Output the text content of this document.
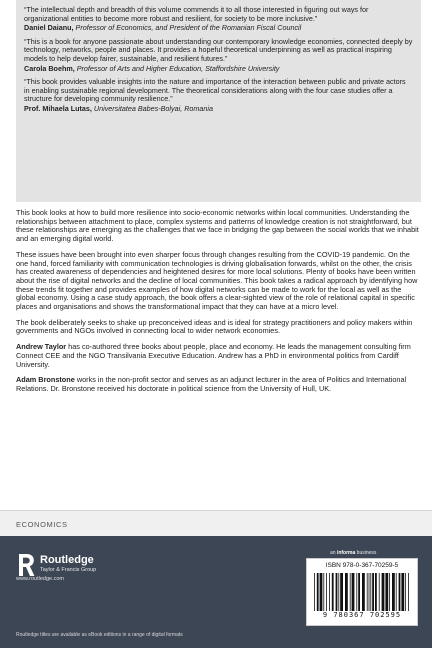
“The intellectual depth and breadth of this volume commends it to all those interested in figuring out ways for organizational entities to become more robust and resilient, for society to be more inclusive.”
Daniel Daianu, Professor of Economics, and President of the Romanian Fiscal Council
“This is a book for anyone passionate about understanding our contemporary knowledge economies, connected deeply by technology, networks, people and places. It provides a hopeful theoretical underpinning as well as practical inspiring models to help develop fairer, sustainable, and resilient futures.”
Carola Boehm, Professor of Arts and Higher Education, Staffordshire University
“This book provides valuable insights into the nature and importance of the interaction between public and private actors in enabling sustainable regional development. The theoretical considerations along with the four case studies offer a structure for developing community resilience.”
Prof. Mihaela Lutas, Universitatea Babes-Bolyai, Romania

This book looks at how to build more resilience into socio-economic networks within local communities. Understanding the relationships between attachment to place, complex systems and patterns of knowledge creation is not straightforward, but these relationships are emerging as the challenges that we face in bridging the gap between the social worlds that we inhabit and an emerging digital world.

These issues have been brought into even sharper focus through changes resulting from the COVID-19 pandemic. On the one hand, forced familiarity with communication technologies is driving globalisation forwards, whilst on the other, the crisis has created awareness of dependencies and heightened desires for more local solutions. Plenty of books have been written about the rise of digital networks and the decline of local communities. This book takes a radical approach by identifying how these trends fit together and provides examples of how digital networks can be made to work for the local as well as the global economy. Using a case study approach, the book offers a clear-sighted view of the role of relational capital in specific places and organisations and shows the transformational impact that they can have at a micro level.

The book deliberately seeks to shake up preconceived ideas and is ideal for strategy practitioners and policy makers within governments and NGOs involved in connecting local to wider network economies.

Andrew Taylor has co-authored three books about people, place and economy. He leads the management consulting firm Connect CEE and the NGO Transilvania Executive Education. Andrew has a PhD in environmental politics from Cardiff University.

Adam Bronstone works in the non-profit sector and serves as an adjunct lecturer in the area of Politics and International Relations. Dr. Bronstone received his doctorate in political science from the University of Hull, UK.

ECONOMICS
Routledge
Taylor & Francis Group
www.routledge.com
an informa business
ISBN 978-0-367-70259-5
9 780367 702595
Routledge titles are available as eBook editions in a range of digital formats
